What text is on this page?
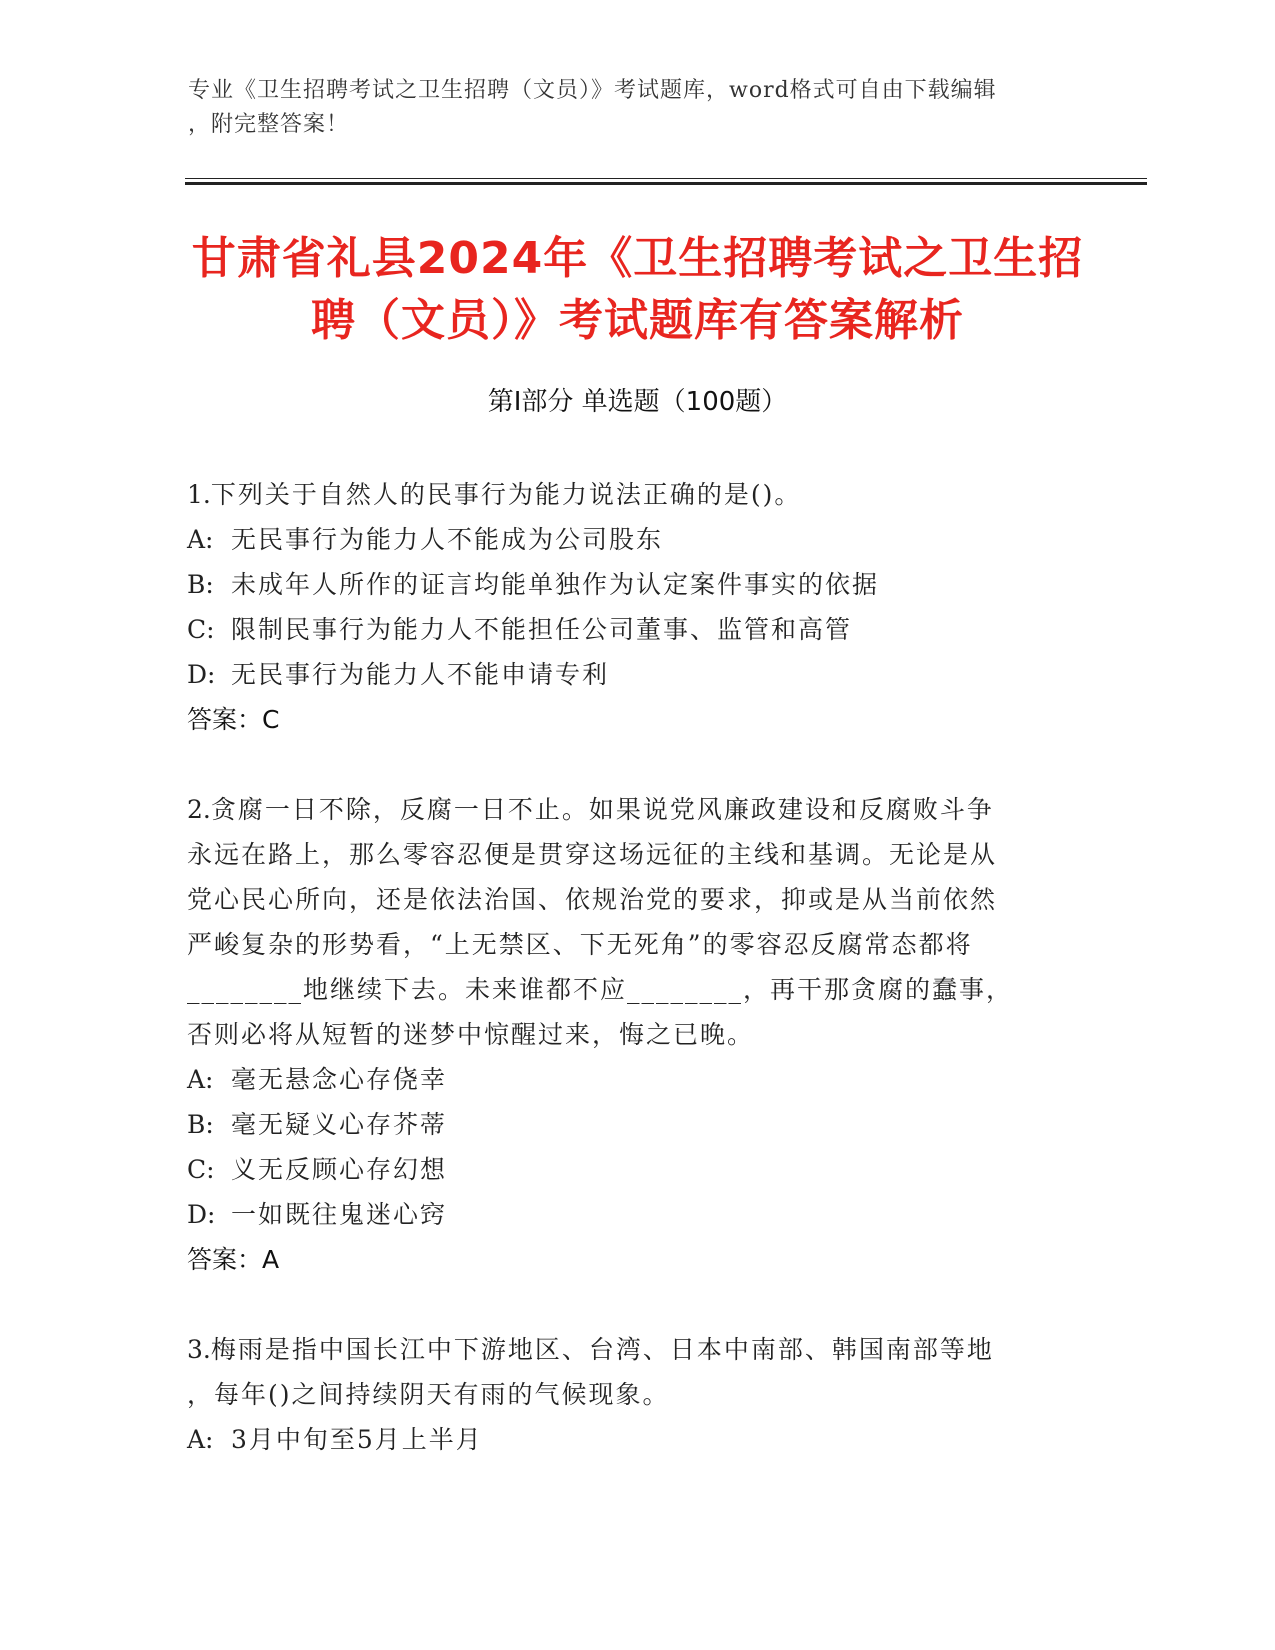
专业《卫生招聘考试之卫生招聘（文员）》考试题库，word格式可自由下载编辑
，附完整答案！
甘肃省礼县2024年《卫生招聘考试之卫生招
聘（文员）》考试题库有答案解析
第Ⅰ部分 单选题（100题）

1.下列关于自然人的民事行为能力说法正确的是()。

A: 无民事行为能力人不能成为公司股东

B: 未成年人所作的证言均能单独作为认定案件事实的依据

C: 限制民事行为能力人不能担任公司董事、监管和高管

D: 无民事行为能力人不能申请专利

答案：C

2.贪腐一日不除，反腐一日不止。如果说党风廉政建设和反腐败斗争

永远在路上，那么零容忍便是贯穿这场远征的主线和基调。无论是从

党心民心所向，还是依法治国、依规治党的要求，抑或是从当前依然

严峻复杂的形势看，“上无禁区、下无死角”的零容忍反腐常态都将

________地继续下去。未来谁都不应________，再干那贪腐的蠢事，

否则必将从短暂的迷梦中惊醒过来，悔之已晚。

A: 毫无悬念心存侥幸

B: 毫无疑义心存芥蒂

C: 义无反顾心存幻想

D: 一如既往鬼迷心窍

答案：A

3.梅雨是指中国长江中下游地区、台湾、日本中南部、韩国南部等地

，每年()之间持续阴天有雨的气候现象。

A: 3月中旬至5月上半月
